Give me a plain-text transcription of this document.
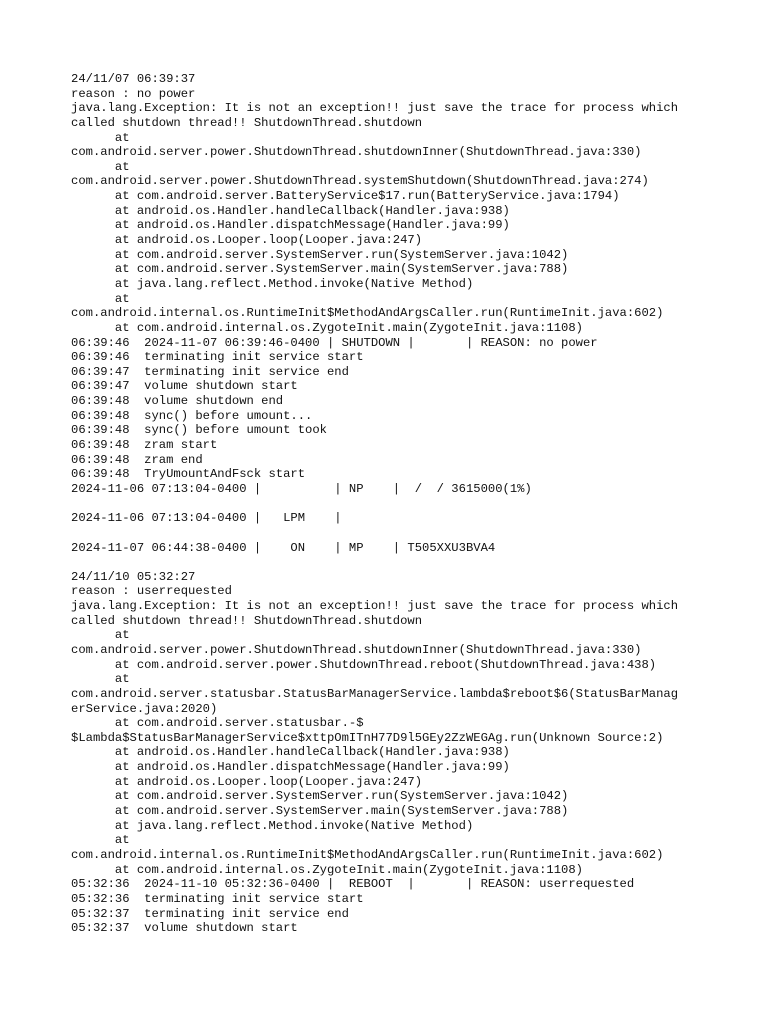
24/11/07 06:39:37
reason : no power
java.lang.Exception: It is not an exception!! just save the trace for process which
called shutdown thread!! ShutdownThread.shutdown
at
com.android.server.power.ShutdownThread.shutdownInner(ShutdownThread.java:330)
at
com.android.server.power.ShutdownThread.systemShutdown(ShutdownThread.java:274)
at com.android.server.BatteryService$17.run(BatteryService.java:1794)
at android.os.Handler.handleCallback(Handler.java:938)
at android.os.Handler.dispatchMessage(Handler.java:99)
at android.os.Looper.loop(Looper.java:247)
at com.android.server.SystemServer.run(SystemServer.java:1042)
at com.android.server.SystemServer.main(SystemServer.java:788)
at java.lang.reflect.Method.invoke(Native Method)
at
com.android.internal.os.RuntimeInit$MethodAndArgsCaller.run(RuntimeInit.java:602)
at com.android.internal.os.ZygoteInit.main(ZygoteInit.java:1108)
06:39:46  2024-11-07 06:39:46-0400 | SHUTDOWN |       | REASON: no power
06:39:46  terminating init service start
06:39:47  terminating init service end
06:39:47  volume shutdown start
06:39:48  volume shutdown end
06:39:48  sync() before umount...
06:39:48  sync() before umount took
06:39:48  zram start
06:39:48  zram end
06:39:48  TryUmountAndFsck start
2024-11-06 07:13:04-0400 |          | NP    |  /  / 3615000(1%)
2024-11-06 07:13:04-0400 |   LPM    |
2024-11-07 06:44:38-0400 |    ON    | MP    | T505XXU3BVA4
24/11/10 05:32:27
reason : userrequested
java.lang.Exception: It is not an exception!! just save the trace for process which
called shutdown thread!! ShutdownThread.shutdown
at
com.android.server.power.ShutdownThread.shutdownInner(ShutdownThread.java:330)
at com.android.server.power.ShutdownThread.reboot(ShutdownThread.java:438)
at
com.android.server.statusbar.StatusBarManagerService.lambda$reboot$6(StatusBarManag
erService.java:2020)
at com.android.server.statusbar.-$
$Lambda$StatusBarManagerService$xttpOmITnH77D9l5GEy2ZzWEGAg.run(Unknown Source:2)
at android.os.Handler.handleCallback(Handler.java:938)
at android.os.Handler.dispatchMessage(Handler.java:99)
at android.os.Looper.loop(Looper.java:247)
at com.android.server.SystemServer.run(SystemServer.java:1042)
at com.android.server.SystemServer.main(SystemServer.java:788)
at java.lang.reflect.Method.invoke(Native Method)
at
com.android.internal.os.RuntimeInit$MethodAndArgsCaller.run(RuntimeInit.java:602)
at com.android.internal.os.ZygoteInit.main(ZygoteInit.java:1108)
05:32:36  2024-11-10 05:32:36-0400 |  REBOOT  |       | REASON: userrequested
05:32:36  terminating init service start
05:32:37  terminating init service end
05:32:37  volume shutdown start
